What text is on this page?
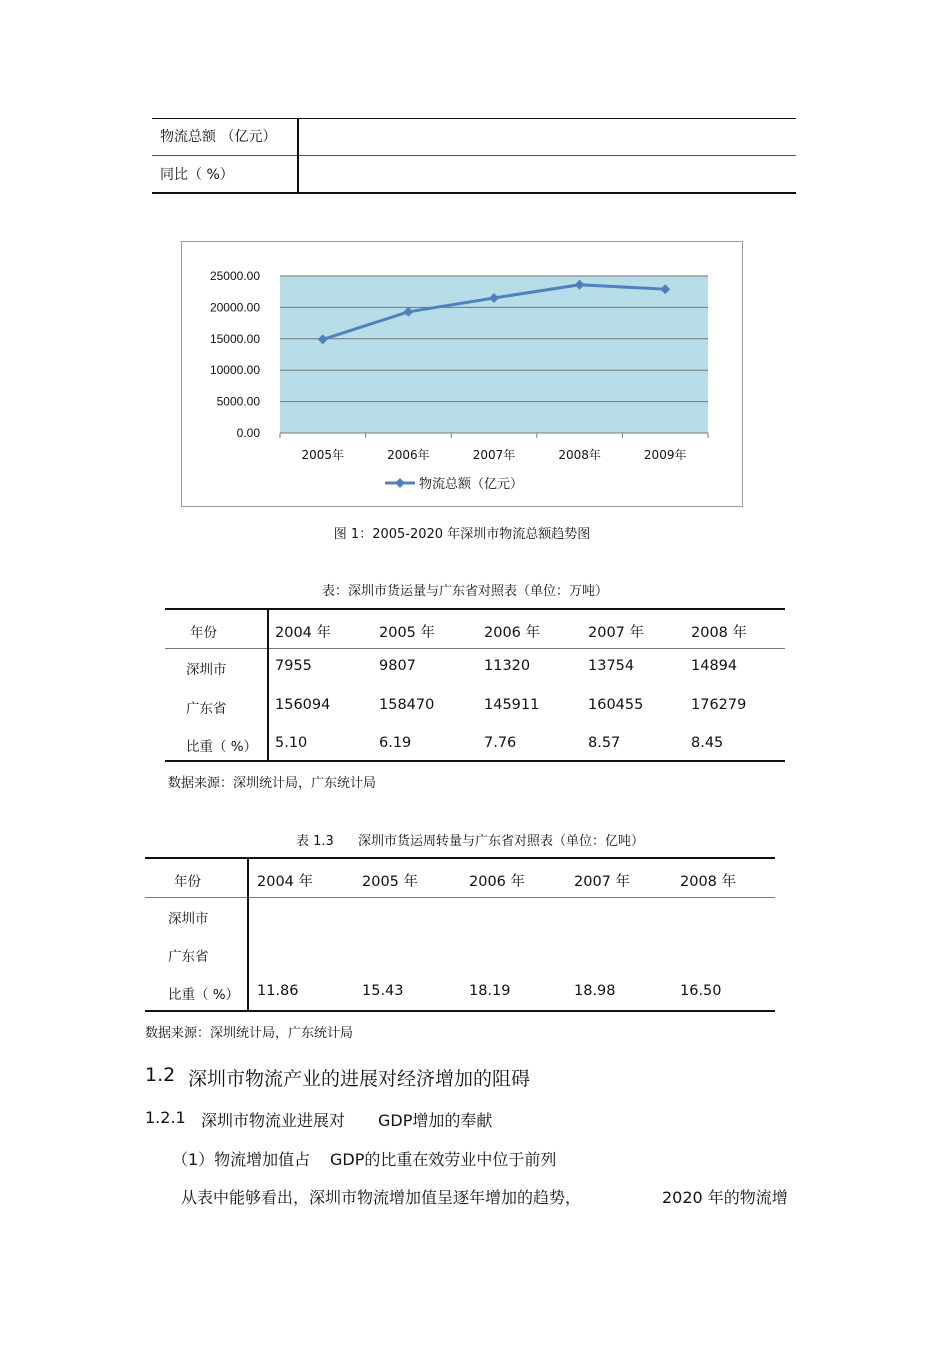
物流总额 （亿元）
同比（ %）
0.00
5000.00
10000.00
15000.00
20000.00
25000.00
2005年	2006年	2007年	2008年	2009年
物流总额（亿元）
图 1：2005-2020 年深圳市物流总额趋势图
表：深圳市货运量与广东省对照表（单位：万吨）
年份	2004 年	2005 年	2006 年	2007 年	2008 年
深圳市	7955	9807	11320	13754	14894
广东省	156094	158470	145911	160455	176279
比重（ %） 5.10	6.19	7.76	8.57	8.45
数据来源：深圳统计局，广东统计局
表 1.3 深圳市货运周转量与广东省对照表（单位：亿吨）
年份	2004 年	2005 年	2006 年	2007 年	2008 年
深圳市
广东省
比重（ %） 11.86	15.43	18.19	18.98	16.50
数据来源：深圳统计局，广东统计局
1.2 深圳市物流产业的进展对经济增加的阻碍
1.2.1 深圳市物流业进展对 GDP增加的奉献
（1）物流增加值占 GDP的比重在效劳业中位于前列
从表中能够看出，深圳市物流增加值呈逐年增加的趋势，	2020 年的物流增
